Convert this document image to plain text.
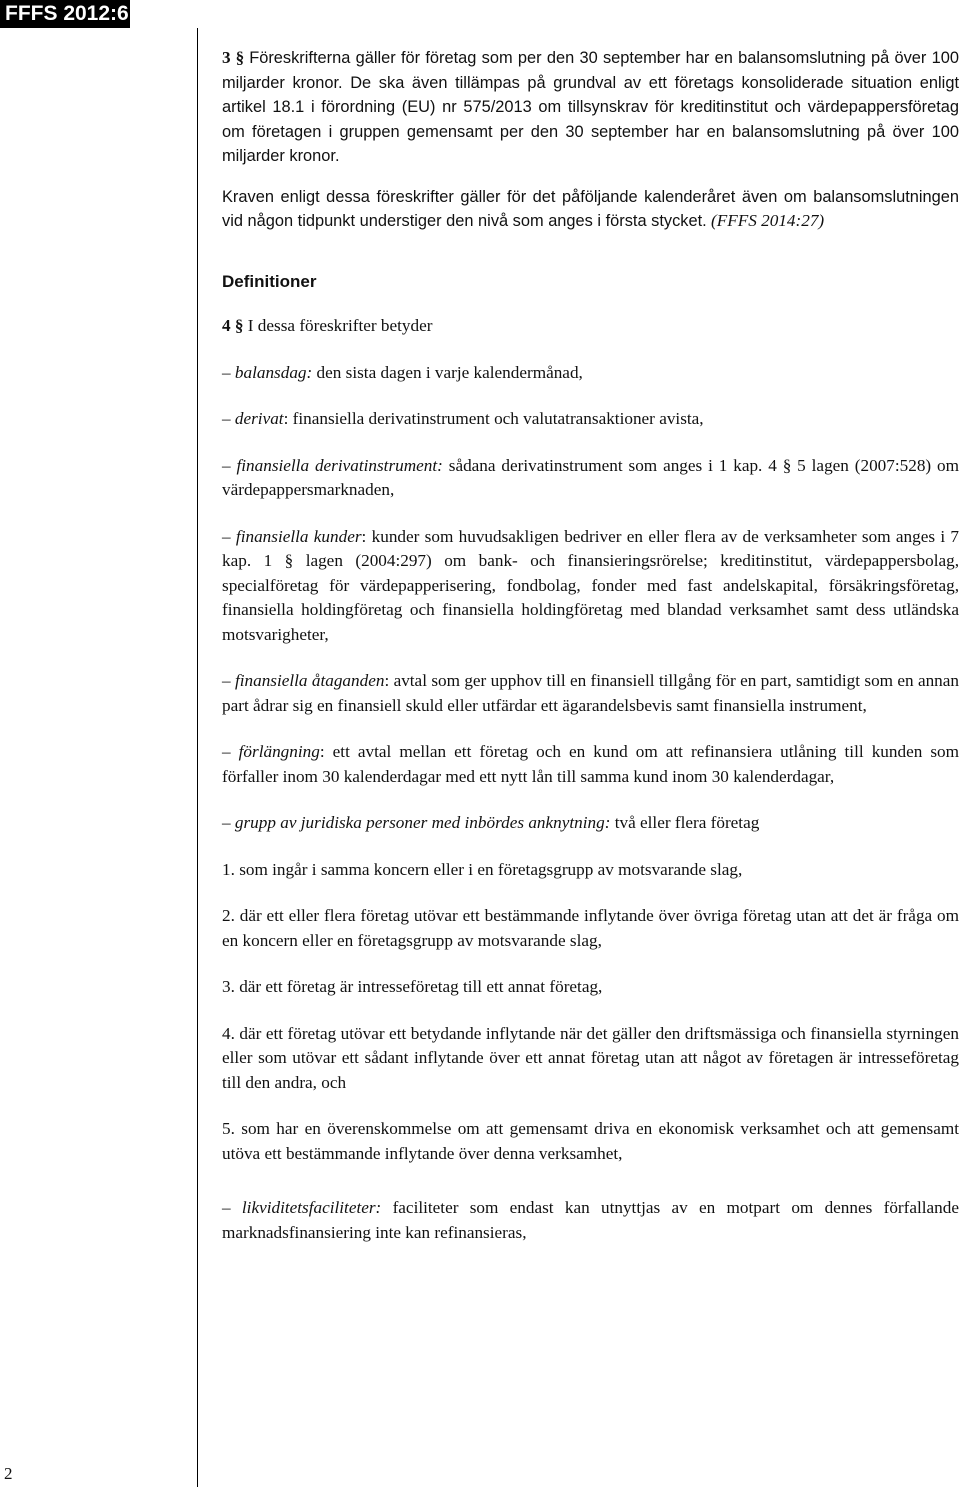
FFFS 2012:6
2

3 § Föreskrifterna gäller för företag som per den 30 september har en balansomslutning på över 100 miljarder kronor. De ska även tillämpas på grundval av ett företags konsoliderade situation enligt artikel 18.1 i förordning (EU) nr 575/2013 om tillsynskrav för kreditinstitut och värdepappersföretag om företagen i gruppen gemensamt per den 30 september har en balansomslutning på över 100 miljarder kronor.

Kraven enligt dessa föreskrifter gäller för det påföljande kalenderåret även om balansomslutningen vid någon tidpunkt understiger den nivå som anges i första stycket. (FFFS 2014:27)

Definitioner

4 § I dessa föreskrifter betyder

– balansdag: den sista dagen i varje kalendermånad,

– derivat: finansiella derivatinstrument och valutatransaktioner avista,

– finansiella derivatinstrument: sådana derivatinstrument som anges i 1 kap. 4 § 5 lagen (2007:528) om värdepappersmarknaden,

– finansiella kunder: kunder som huvudsakligen bedriver en eller flera av de verksamheter som anges i 7 kap. 1 § lagen (2004:297) om bank- och finansieringsrörelse; kreditinstitut, värdepappersbolag, specialföretag för värdepapperisering, fondbolag, fonder med fast andelskapital, försäkringsföretag, finansiella holdingföretag och finansiella holdingföretag med blandad verksamhet samt dess utländska motsvarigheter,

– finansiella åtaganden: avtal som ger upphov till en finansiell tillgång för en part, samtidigt som en annan part ådrar sig en finansiell skuld eller utfärdar ett ägarandelsbevis samt finansiella instrument,

– förlängning: ett avtal mellan ett företag och en kund om att refinansiera utlåning till kunden som förfaller inom 30 kalenderdagar med ett nytt lån till samma kund inom 30 kalenderdagar,

– grupp av juridiska personer med inbördes anknytning: två eller flera företag

1. som ingår i samma koncern eller i en företagsgrupp av motsvarande slag,

2. där ett eller flera företag utövar ett bestämmande inflytande över övriga företag utan att det är fråga om en koncern eller en företagsgrupp av motsvarande slag,

3. där ett företag är intresseföretag till ett annat företag,

4. där ett företag utövar ett betydande inflytande när det gäller den driftsmässiga och finansiella styrningen eller som utövar ett sådant inflytande över ett annat företag utan att något av företagen är intresseföretag till den andra, och

5. som har en överenskommelse om att gemensamt driva en ekonomisk verksamhet och att gemensamt utöva ett bestämmande inflytande över denna verksamhet,

– likviditetsfaciliteter: faciliteter som endast kan utnyttjas av en motpart om dennes förfallande marknadsfinansiering inte kan refinansieras,
